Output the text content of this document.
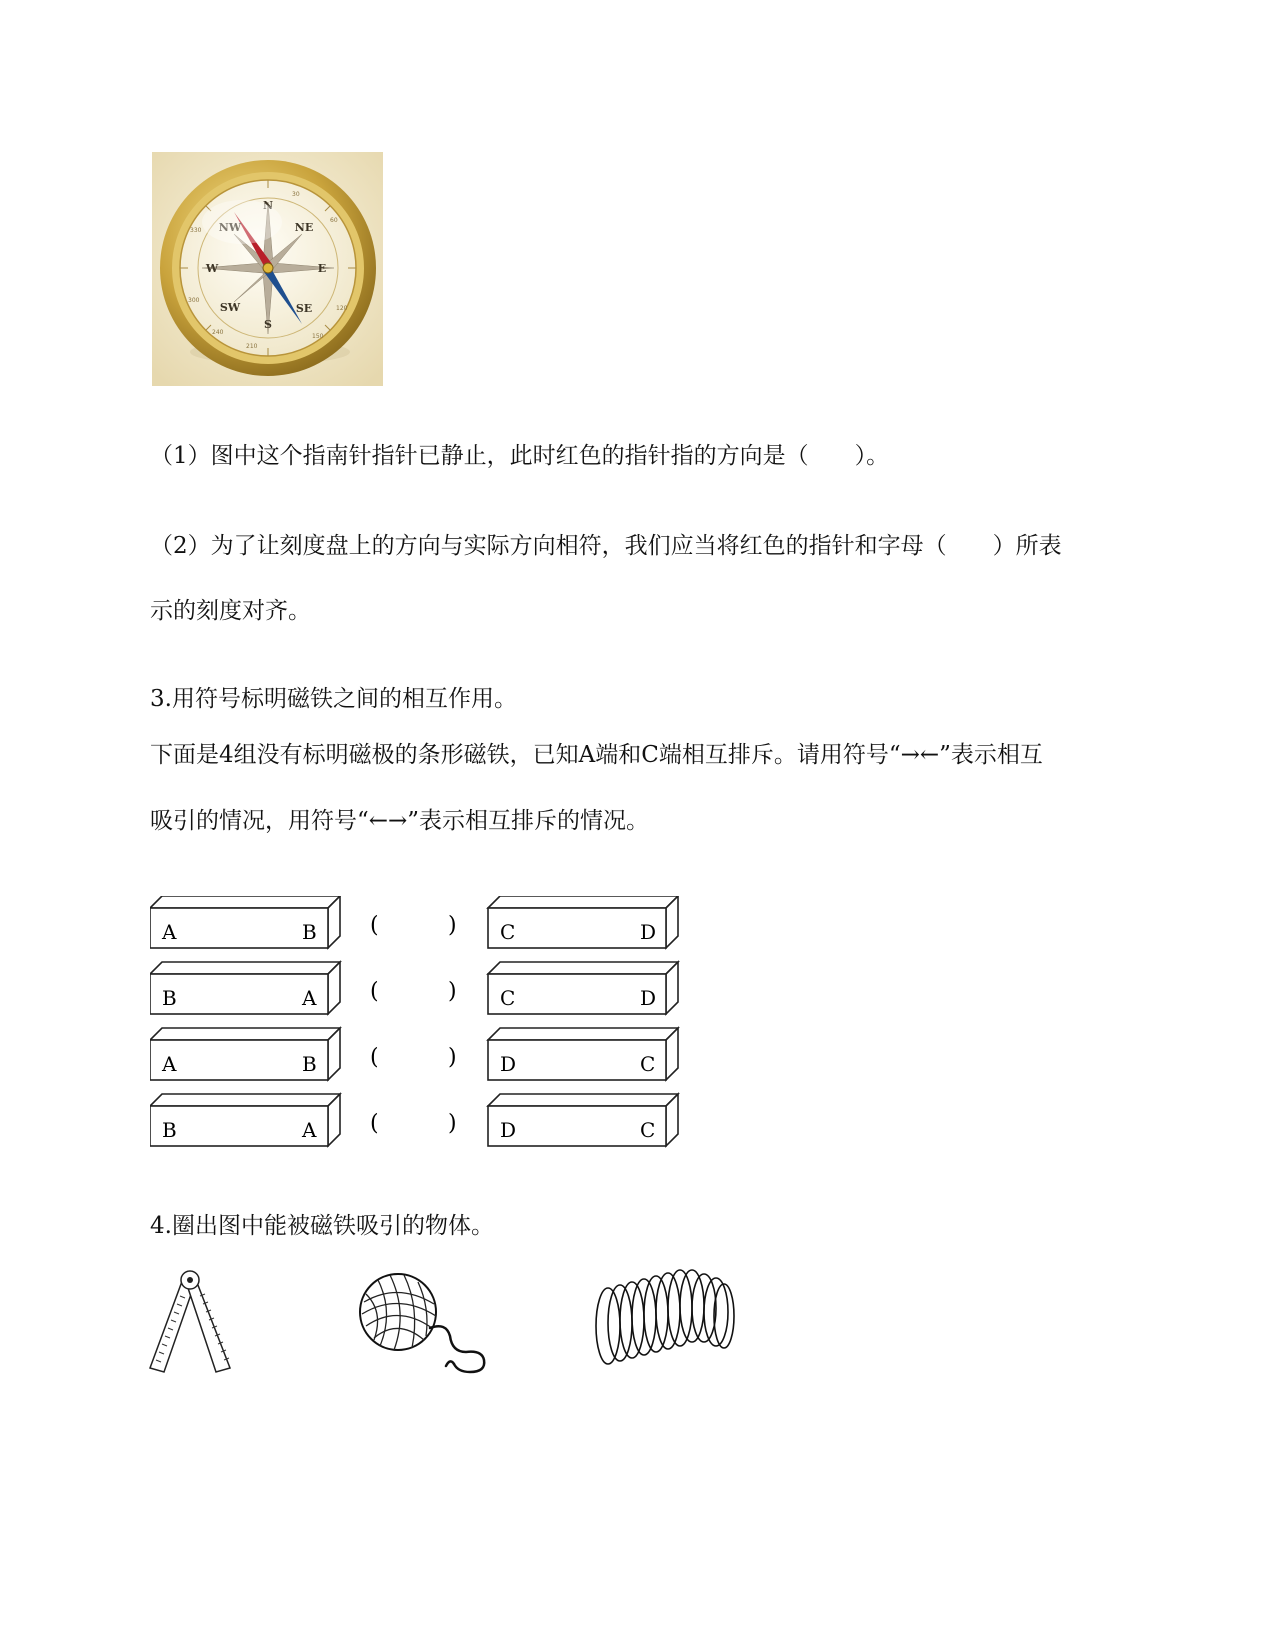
30
60
120
150
210
240
300
330
N
NE
E
SE
S
SW
W
NW
（1）图中这个指南针指针已静止，此时红色的指针指的方向是（　　）。
（2）为了让刻度盘上的方向与实际方向相符，我们应当将红色的指针和字母（　　）所表
示的刻度对齐。
3.用符号标明磁铁之间的相互作用。
下面是4组没有标明磁极的条形磁铁，已知A端和C端相互排斥。请用符号“→←”表示相互
吸引的情况，用符号“←→”表示相互排斥的情况。
A	B (	) C	D
B	A (	) C	D
A	B (	) D	C
B	A (	) D	C
4.圈出图中能被磁铁吸引的物体。
